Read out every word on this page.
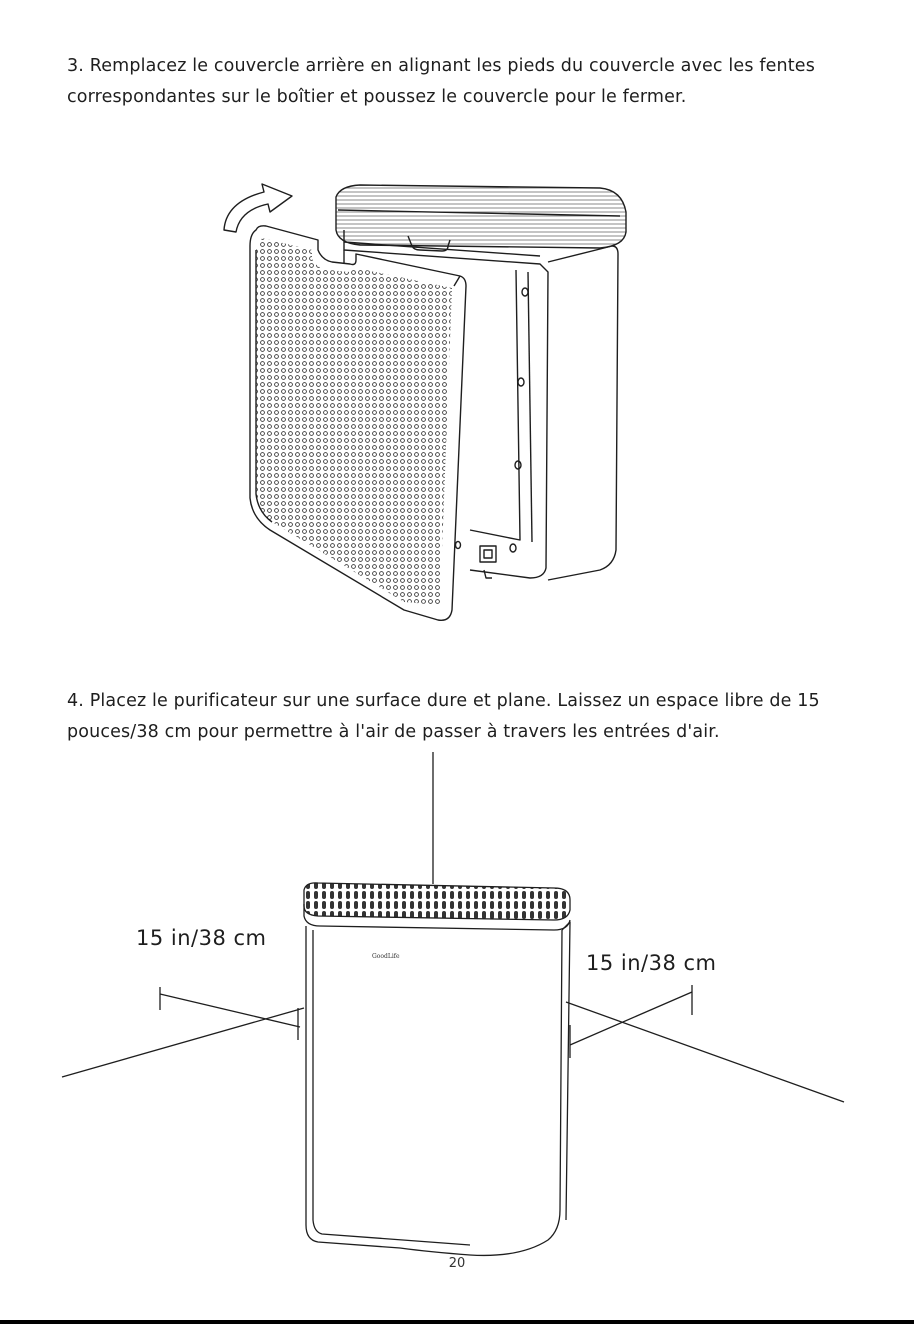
3. Remplacez le couvercle arrière en alignant les pieds du couvercle avec les fentes correspondantes sur le boîtier et poussez le couvercle pour le fermer.

4. Placez le purificateur sur une surface dure et plane. Laissez un espace libre de 15 pouces/38 cm pour permettre à l'air de passer à travers les entrées d'air.

GoodLife
15 in/38 cm
15 in/38 cm
20
